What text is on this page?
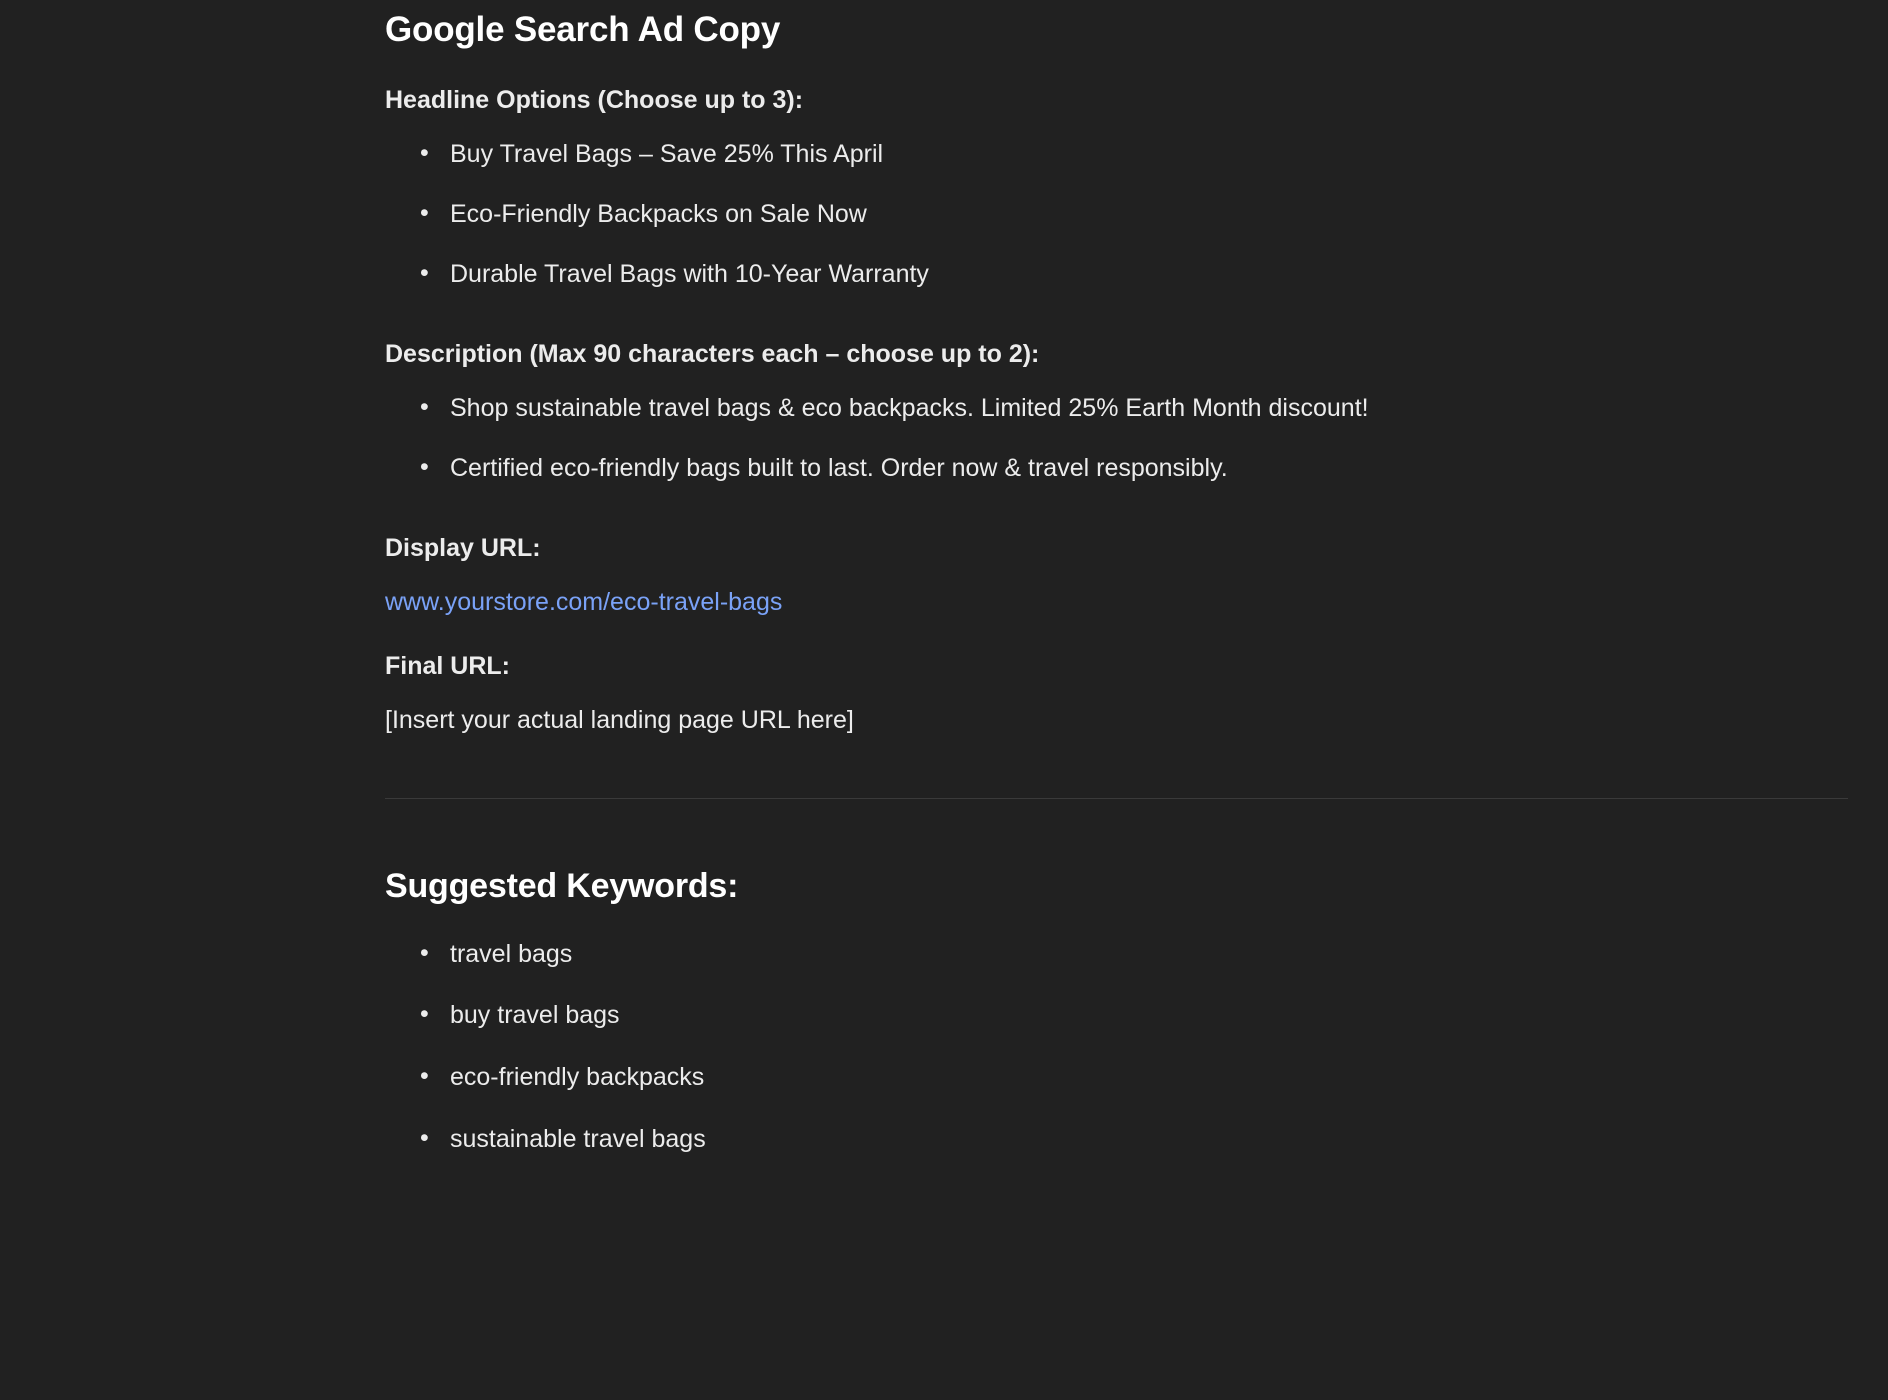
Google Search Ad Copy
Headline Options (Choose up to 3):
• Buy Travel Bags – Save 25% This April
• Eco-Friendly Backpacks on Sale Now
• Durable Travel Bags with 10-Year Warranty
Description (Max 90 characters each – choose up to 2):
• Shop sustainable travel bags & eco backpacks. Limited 25% Earth Month discount!
• Certified eco-friendly bags built to last. Order now & travel responsibly.
Display URL:
www.yourstore.com/eco-travel-bags
Final URL:
[Insert your actual landing page URL here]
Suggested Keywords:
• travel bags
• buy travel bags
• eco-friendly backpacks
• sustainable travel bags
